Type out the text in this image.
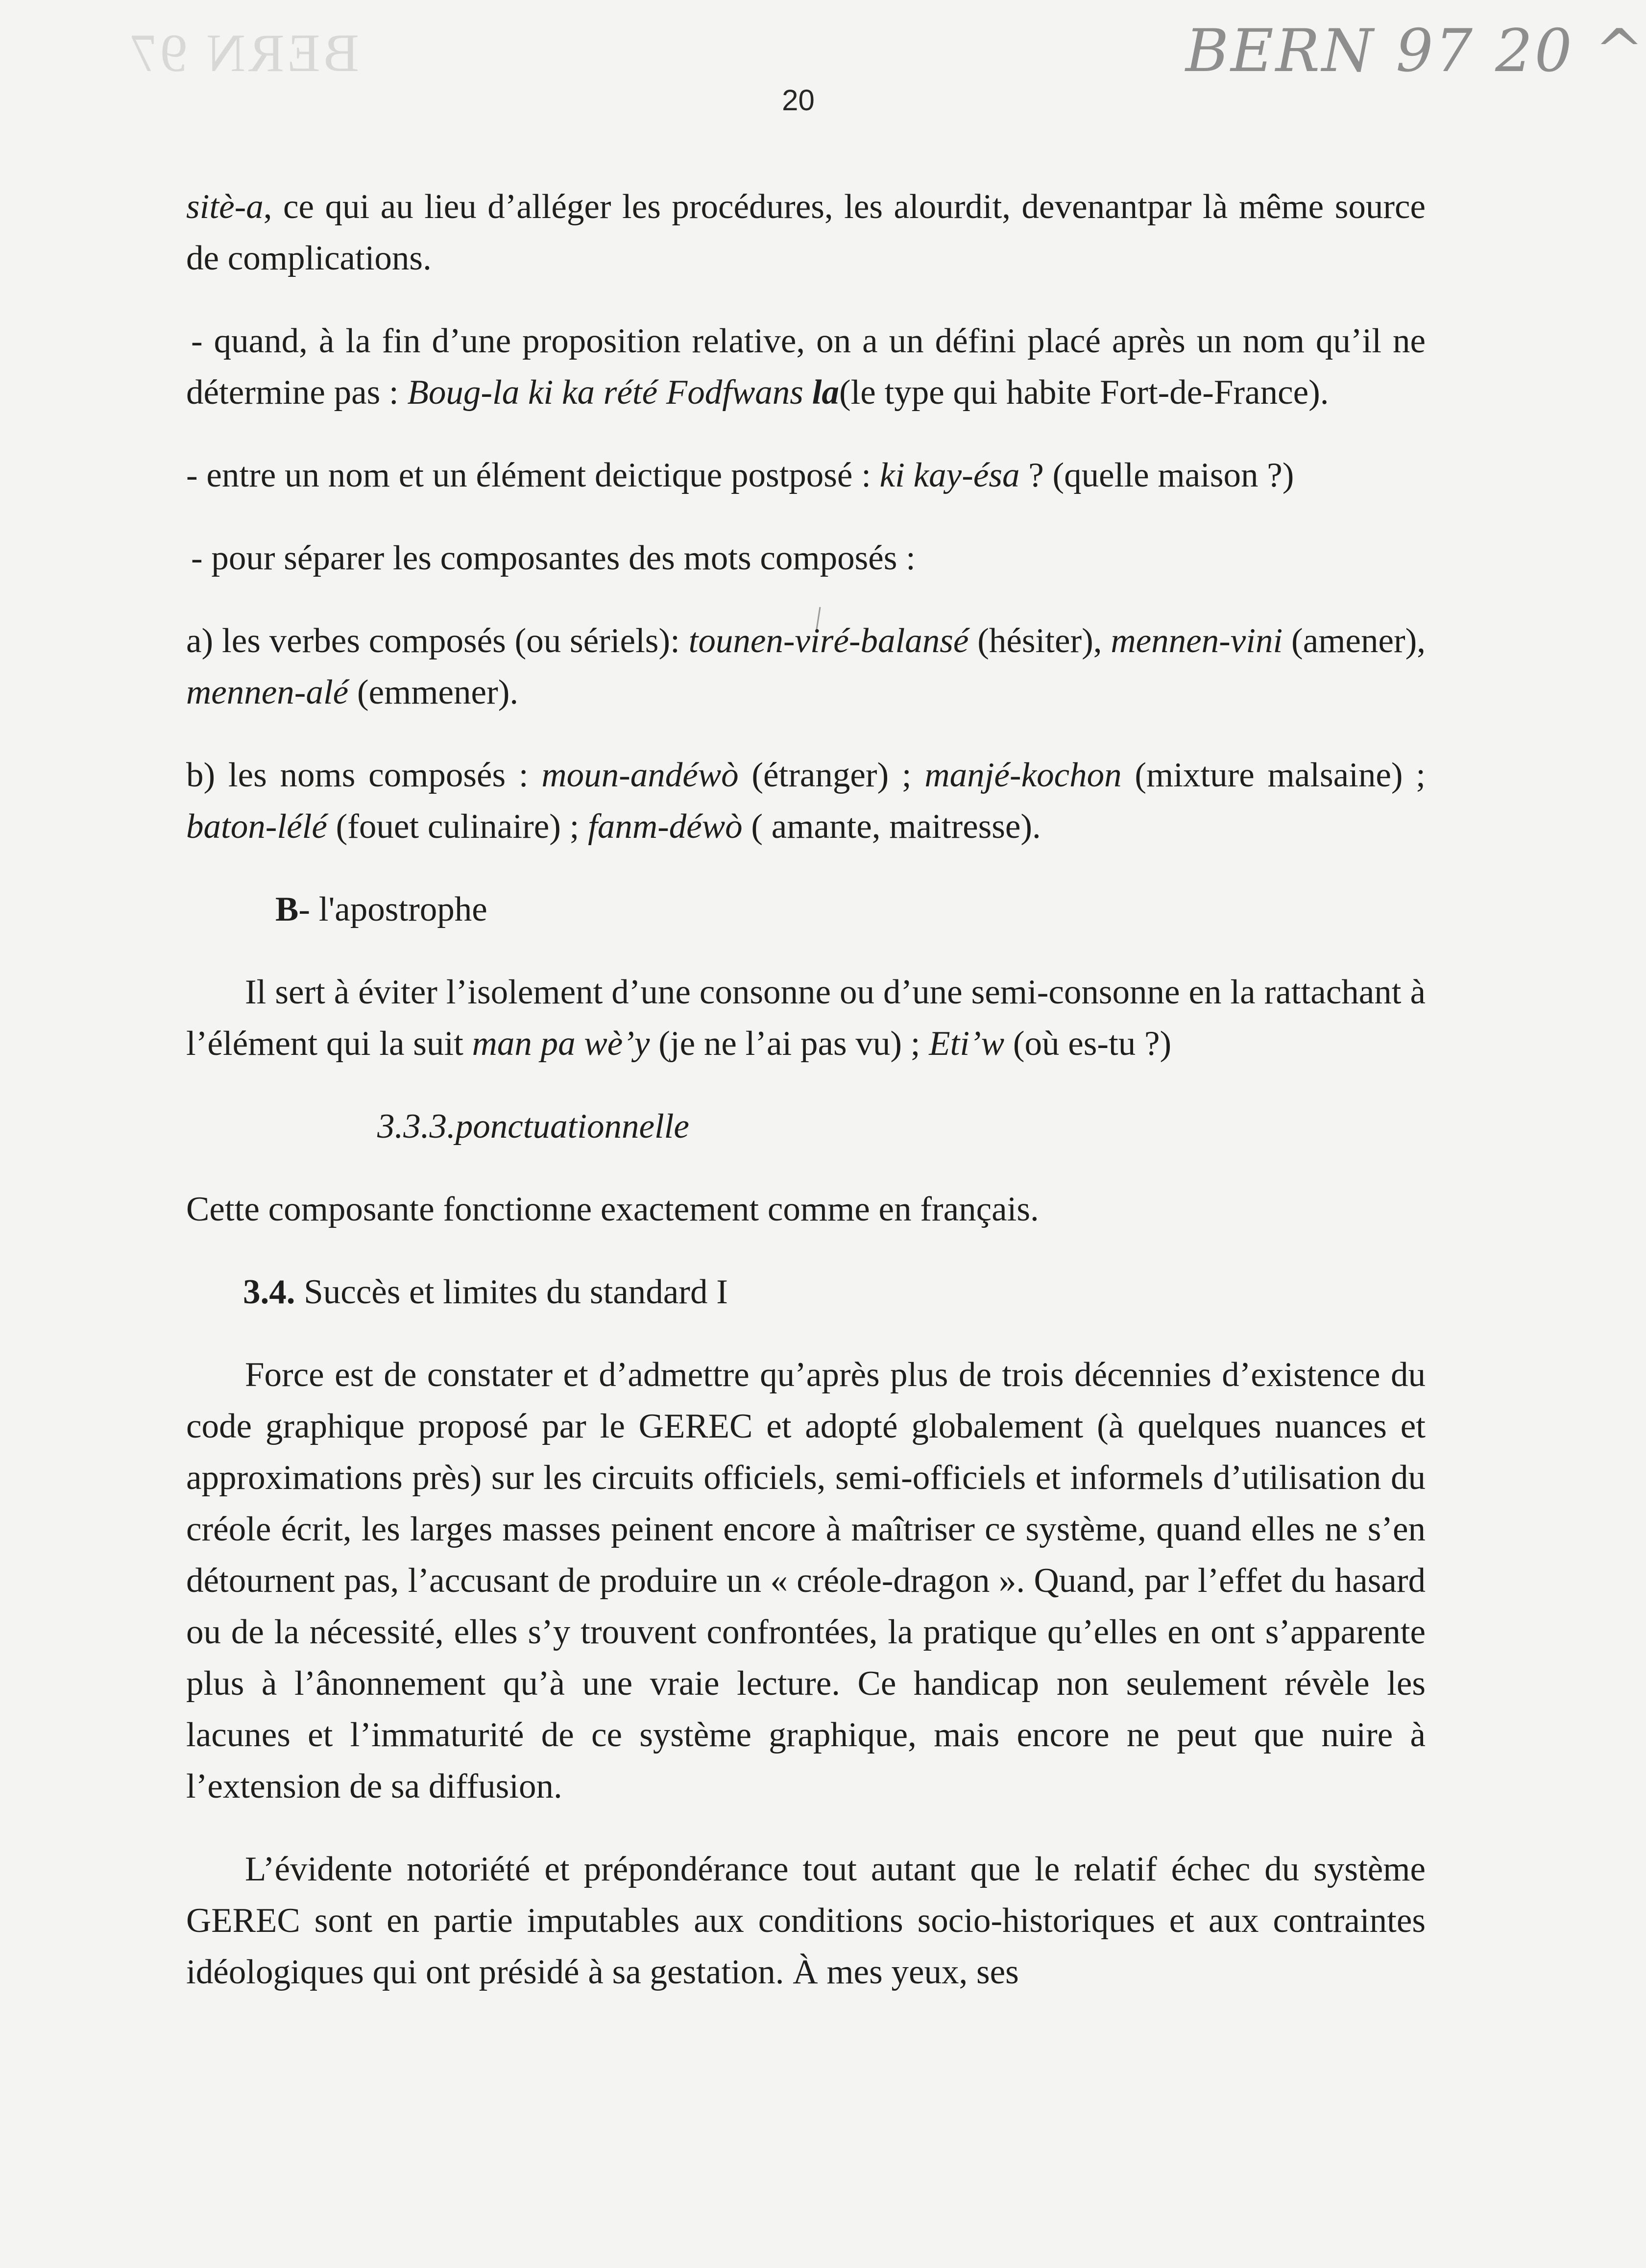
BERN 97	BERN 97 20 ^
20

sitè-a, ce qui au lieu d’alléger les procédures, les alourdit, devenantpar là même source de complications.

- quand, à la fin d’une proposition relative, on a un défini placé après un nom qu’il ne détermine pas : Boug-la ki ka rété Fodfwans la(le type qui habite Fort-de-France).

- entre un nom et un élément deictique postposé : ki kay-ésa ? (quelle maison ?)

- pour séparer les composantes des mots composés :

a) les verbes composés (ou sériels): tounen-viré-balansé (hésiter), mennen-vini (amener), mennen-alé (emmener).

b) les noms composés : moun-andéwò (étranger) ; manjé-kochon (mixture malsaine) ; baton-lélé (fouet culinaire) ; fanm-déwò ( amante, maitresse).

B- l'apostrophe

Il sert à éviter l’isolement d’une consonne ou d’une semi-consonne en la rattachant à l’élément qui la suit man pa wè’y (je ne l’ai pas vu) ; Eti’w (où es-tu ?)

3.3.3.ponctuationnelle

Cette composante fonctionne exactement comme en français.

3.4. Succès et limites du standard I

Force est de constater et d’admettre qu’après plus de trois décennies d’existence du code graphique proposé par le GEREC et adopté globalement (à quelques nuances et approximations près) sur les circuits officiels, semi-officiels et informels d’utilisation du créole écrit, les larges masses peinent encore à maîtriser ce système, quand elles ne s’en détournent pas, l’accusant de produire un « créole-dragon ». Quand, par l’effet du hasard ou de la nécessité, elles s’y trouvent confrontées, la pratique qu’elles en ont s’apparente plus à l’ânonnement qu’à une vraie lecture. Ce handicap non seulement révèle les lacunes et l’immaturité de ce système graphique, mais encore ne peut que nuire à l’extension de sa diffusion.

L’évidente notoriété et prépondérance tout autant que le relatif échec du système GEREC sont en partie imputables aux conditions socio-historiques et aux contraintes idéologiques qui ont présidé à sa gestation. À mes yeux, ses
